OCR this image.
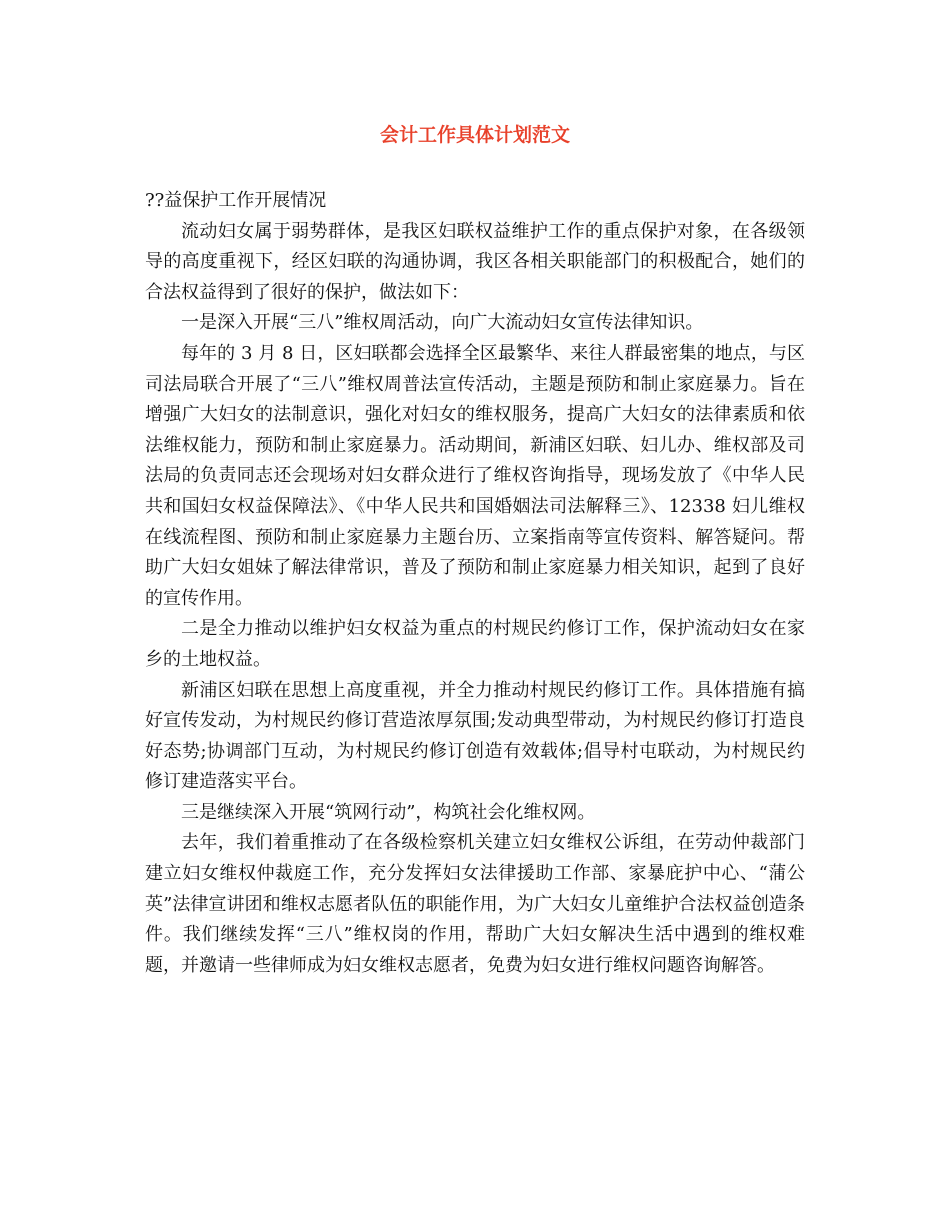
会计工作具体计划范文

??益保护工作开展情况

流动妇女属于弱势群体，是我区妇联权益维护工作的重点保护对象，在各级领导的高度重视下，经区妇联的沟通协调，我区各相关职能部门的积极配合，她们的合法权益得到了很好的保护，做法如下：

一是深入开展“三八”维权周活动，向广大流动妇女宣传法律知识。

每年的 3 月 8 日，区妇联都会选择全区最繁华、来往人群最密集的地点，与区司法局联合开展了“三八”维权周普法宣传活动，主题是预防和制止家庭暴力。旨在增强广大妇女的法制意识，强化对妇女的维权服务，提高广大妇女的法律素质和依法维权能力，预防和制止家庭暴力。活动期间，新浦区妇联、妇儿办、维权部及司法局的负责同志还会现场对妇女群众进行了维权咨询指导，现场发放了《中华人民共和国妇女权益保障法》、《中华人民共和国婚姻法司法解释三》、12338 妇儿维权在线流程图、预防和制止家庭暴力主题台历、立案指南等宣传资料、解答疑问。帮助广大妇女姐妹了解法律常识，普及了预防和制止家庭暴力相关知识，起到了良好的宣传作用。

二是全力推动以维护妇女权益为重点的村规民约修订工作，保护流动妇女在家乡的土地权益。

新浦区妇联在思想上高度重视，并全力推动村规民约修订工作。具体措施有搞好宣传发动，为村规民约修订营造浓厚氛围;发动典型带动，为村规民约修订打造良好态势;协调部门互动，为村规民约修订创造有效载体;倡导村屯联动，为村规民约修订建造落实平台。

三是继续深入开展“筑网行动”，构筑社会化维权网。

去年，我们着重推动了在各级检察机关建立妇女维权公诉组，在劳动仲裁部门建立妇女维权仲裁庭工作，充分发挥妇女法律援助工作部、家暴庇护中心、“蒲公英”法律宣讲团和维权志愿者队伍的职能作用，为广大妇女儿童维护合法权益创造条件。我们继续发挥“三八”维权岗的作用，帮助广大妇女解决生活中遇到的维权难题，并邀请一些律师成为妇女维权志愿者，免费为妇女进行维权问题咨询解答。
